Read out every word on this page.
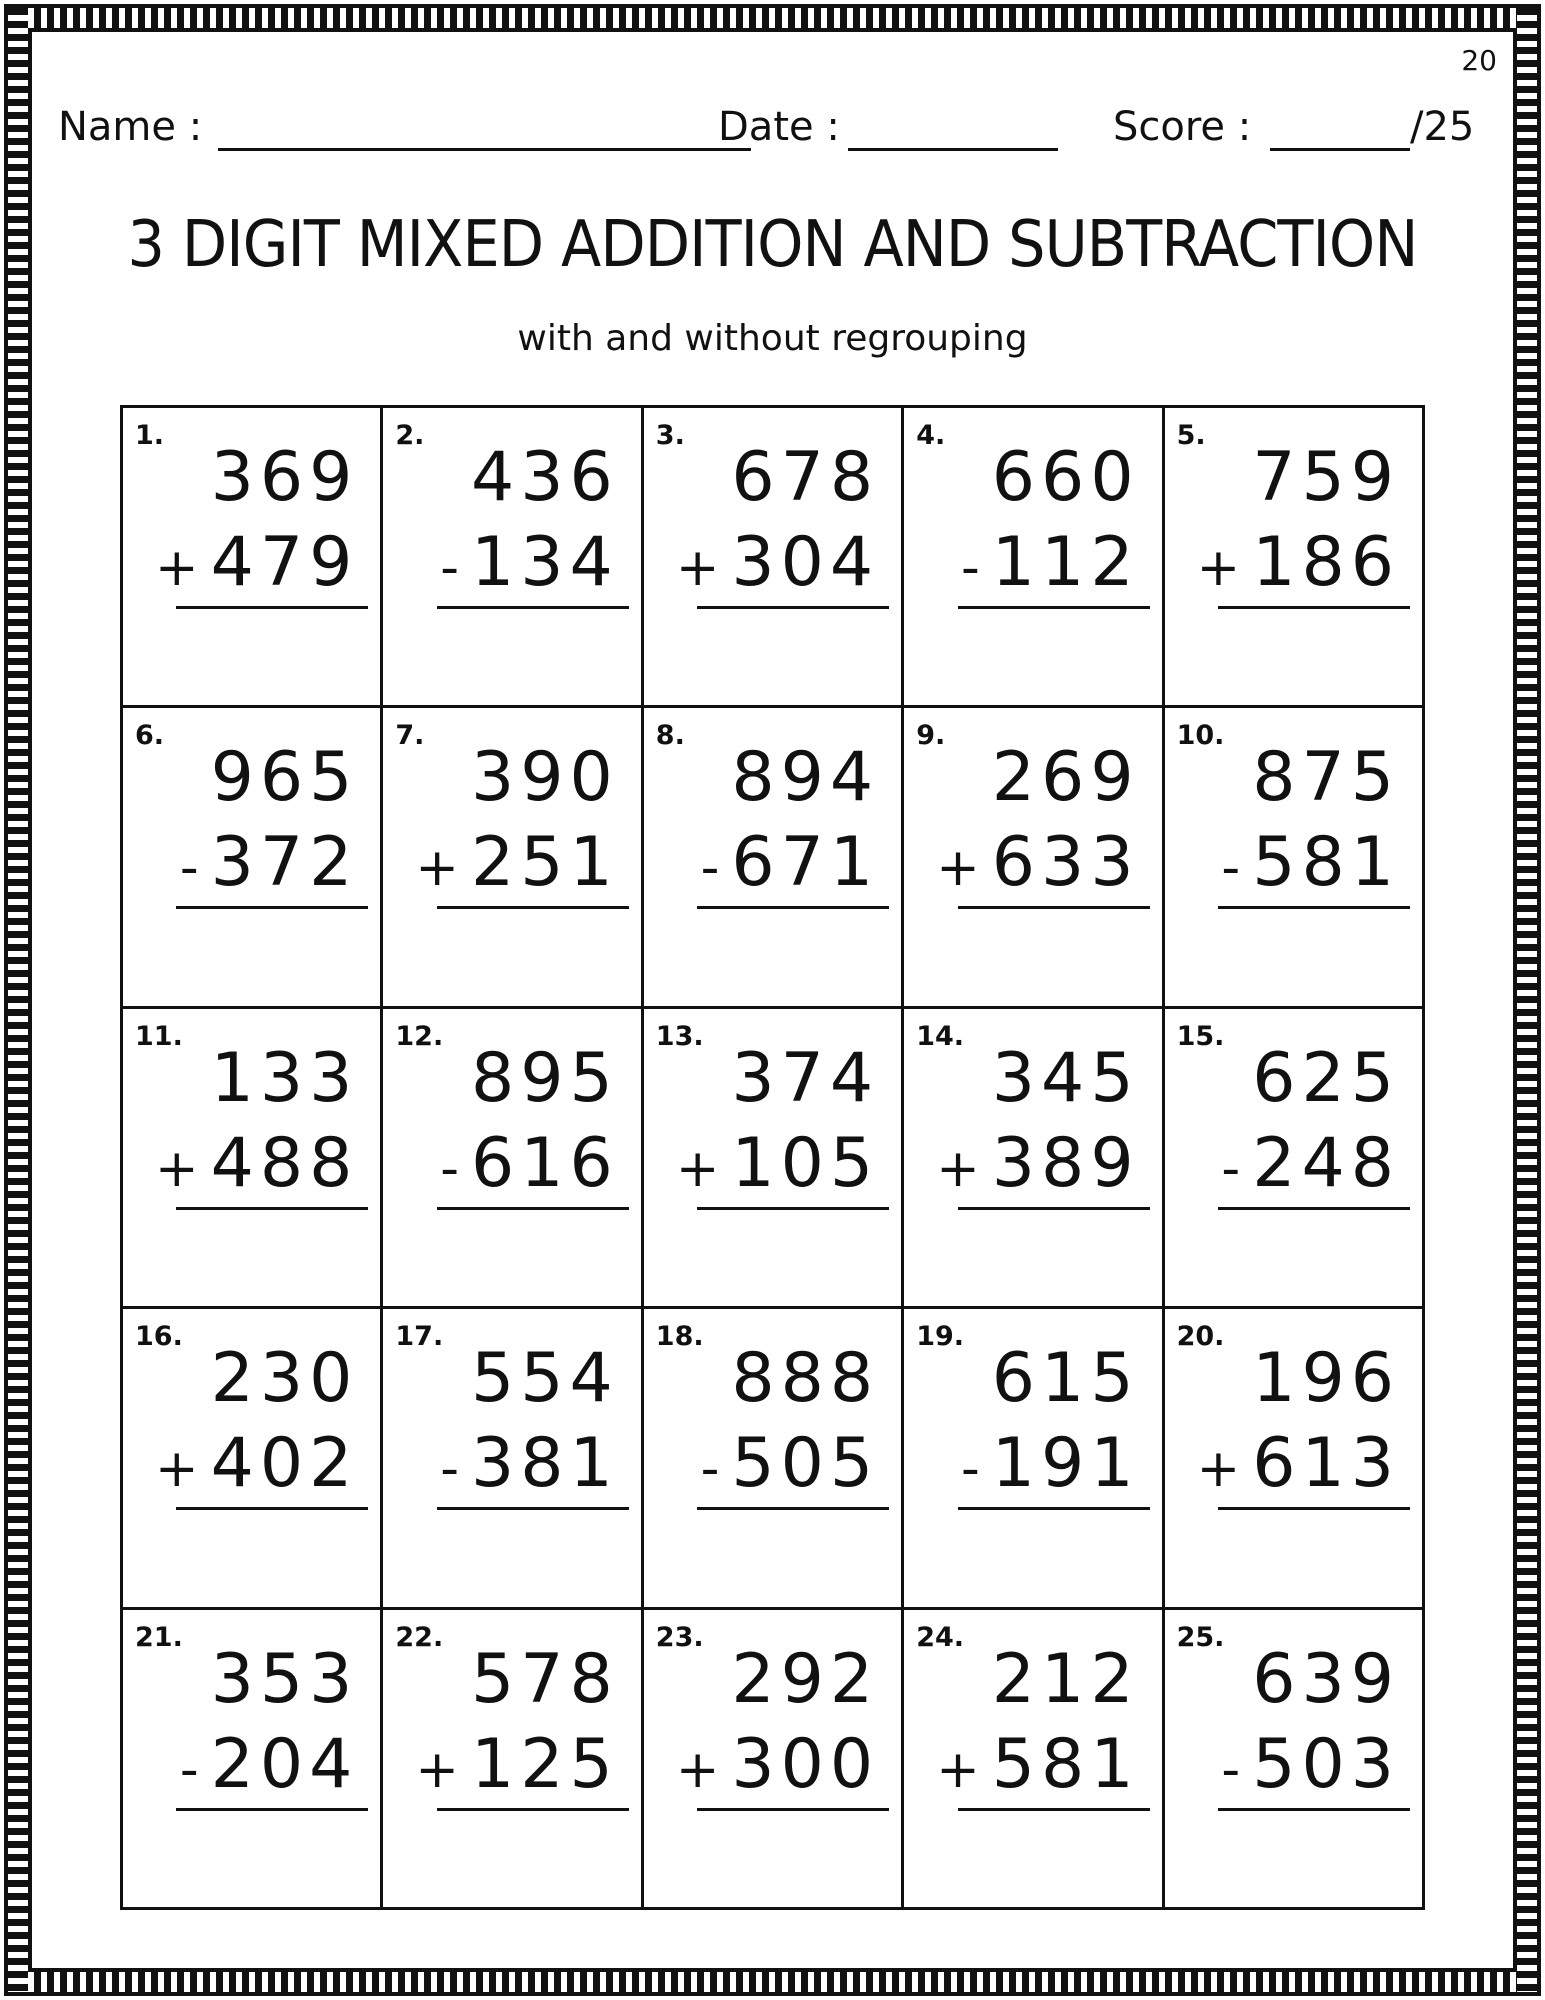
20
Name :	Date :	Score :	/25
3 DIGIT MIXED ADDITION AND SUBTRACTION
with and without regrouping
1.
369
+ 479
2.
436
- 134
3.
678
+ 304
4.
660
- 112
5.
759
+ 186
6.
965
- 372
7.
390
+ 251
8.
894
- 671
9.
269
+ 633
10.
875
- 581
11.
133
+ 488
12.
895
- 616
13.
374
+ 105
14.
345
+ 389
15.
625
- 248
16.
230
+ 402
17.
554
- 381
18.
888
- 505
19.
615
- 191
20.
196
+ 613
21.
353
- 204
22.
578
+ 125
23.
292
+ 300
24.
212
+ 581
25.
639
- 503
